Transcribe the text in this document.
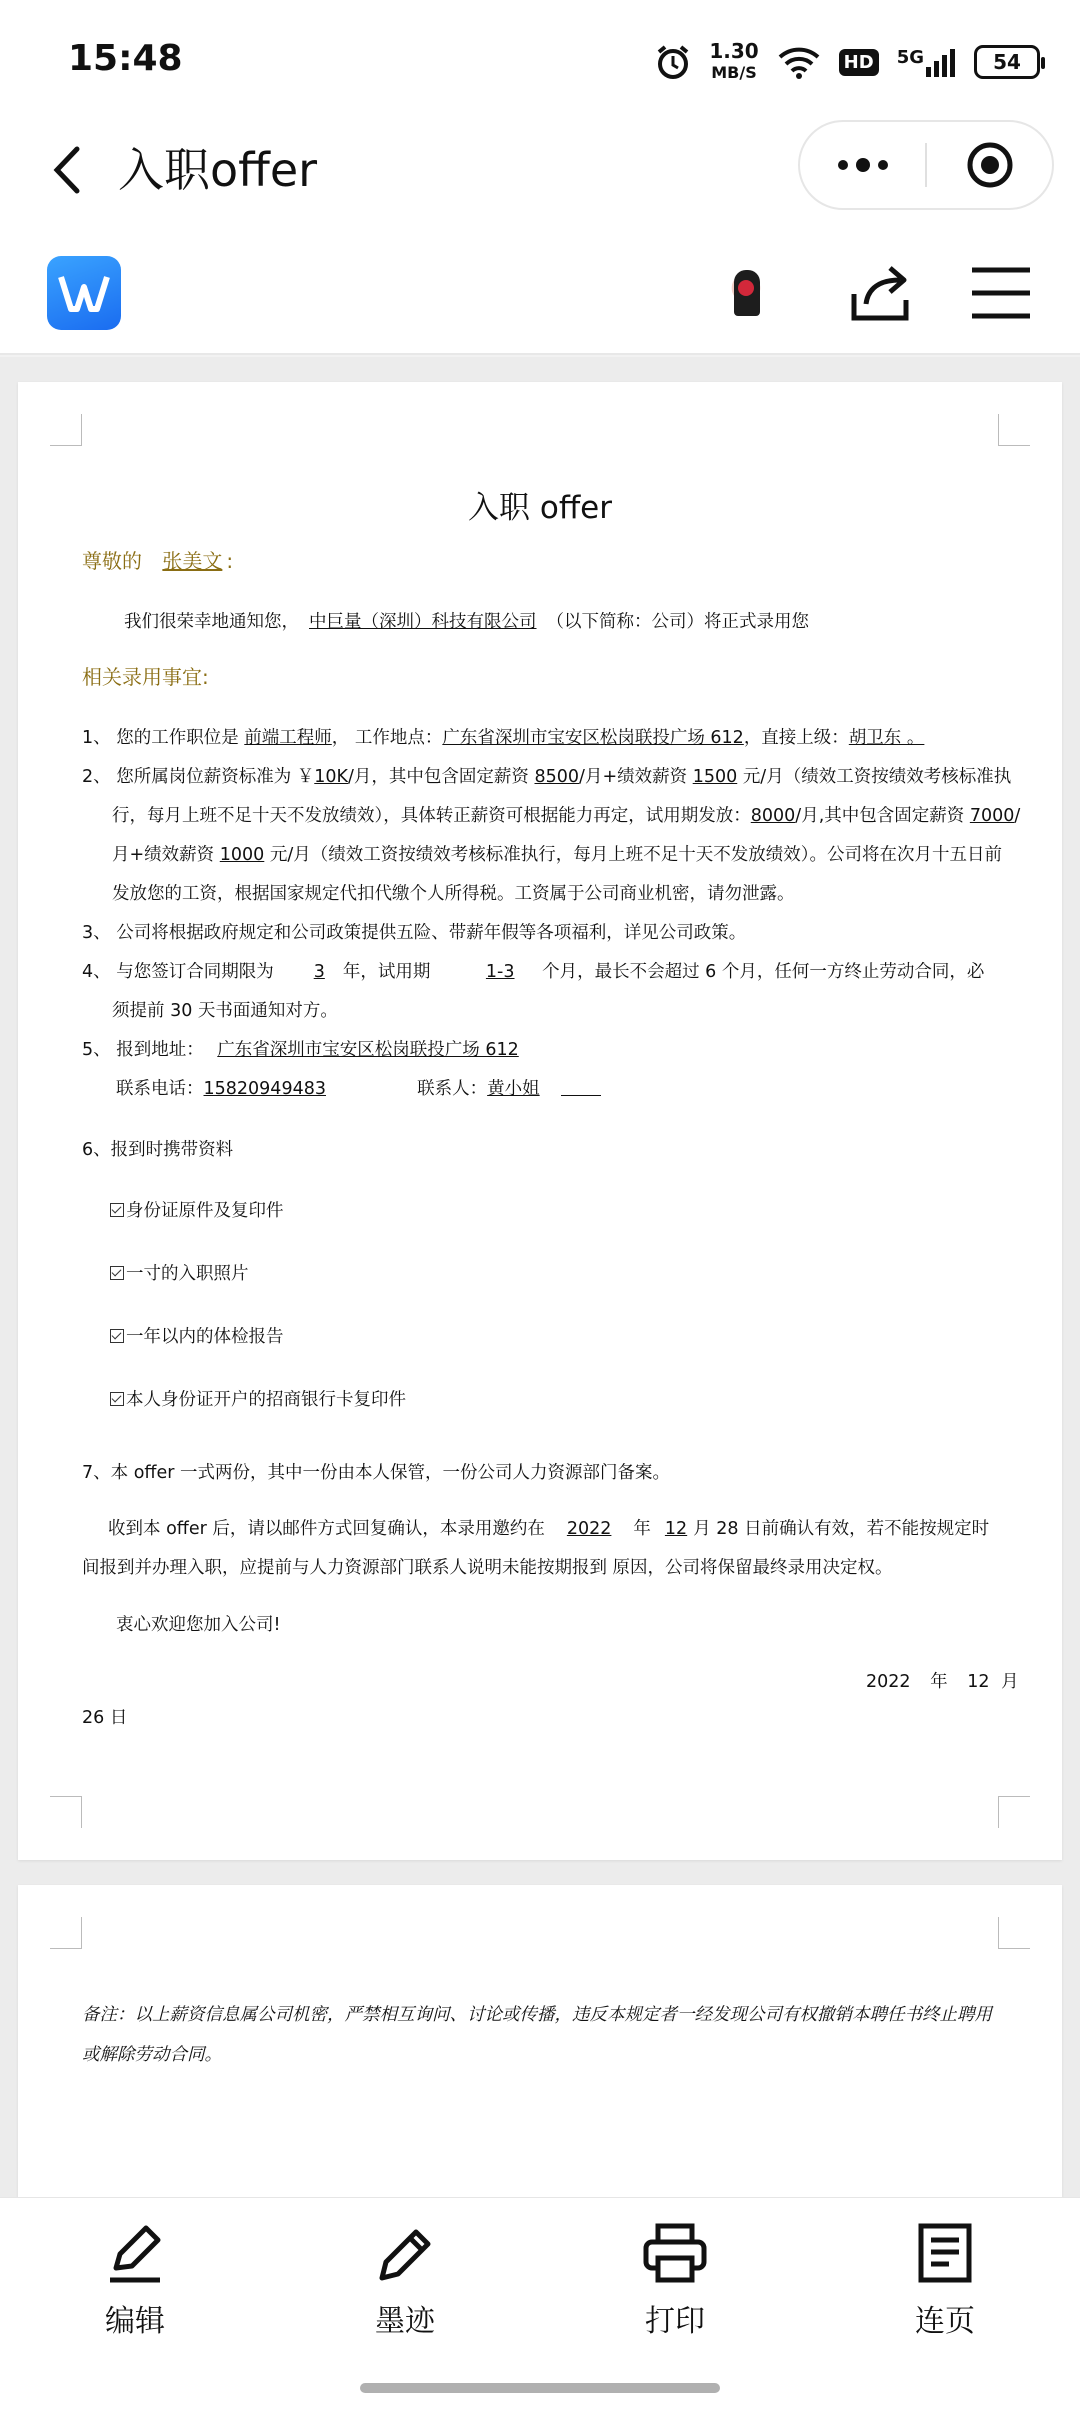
15:48	1.30
MB/S	HD 5G	54
入职offer
入职 offer
尊敬的 张美文 :
我们很荣幸地通知您， 中巨量（深圳）科技有限公司 （以下简称：公司）将正式录用您
相关录用事宜:
1、 您的工作职位是 前端工程师， 工作地点：广东省深圳市宝安区松岗联投广场 612，直接上级：胡卫东 。
2、 您所属岗位薪资标准为 ￥10K/月，其中包含固定薪资 8500/月+绩效薪资 1500 元/月（绩效工资按绩效考核标准执
行，每月上班不足十天不发放绩效），具体转正薪资可根据能力再定，试用期发放：8000/月,其中包含固定薪资 7000/
月+绩效薪资 1000 元/月（绩效工资按绩效考核标准执行，每月上班不足十天不发放绩效）。公司将在次月十五日前
发放您的工资，根据国家规定代扣代缴个人所得税。工资属于公司商业机密，请勿泄露。
3、 公司将根据政府规定和公司政策提供五险、带薪年假等各项福利，详见公司政策。
4、 与您签订合同期限为 3 年，试用期	1-3 个月，最长不会超过 6 个月，任何一方终止劳动合同，必
须提前 30 天书面通知对方。
5、 报到地址： 广东省深圳市宝安区松岗联投广场 612
联系电话：15820949483	联系人：黄小姐
6、报到时携带资料
身份证原件及复印件
一寸的入职照片
一年以内的体检报告
本人身份证开户的招商银行卡复印件
7、本 offer 一式两份，其中一份由本人保管，一份公司人力资源部门备案。
收到本 offer 后，请以邮件方式回复确认，本录用邀约在 2022 年 12 月 28 日前确认有效，若不能按规定时
间报到并办理入职，应提前与人力资源部门联系人说明未能按期报到 原因，公司将保留最终录用决定权。
衷心欢迎您加入公司!
2022 年 12 月
26 日
备注：以上薪资信息属公司机密，严禁相互询问、讨论或传播，违反本规定者一经发现公司有权撤销本聘任书终止聘用或解除劳动合同。
编辑	墨迹	打印	连页
